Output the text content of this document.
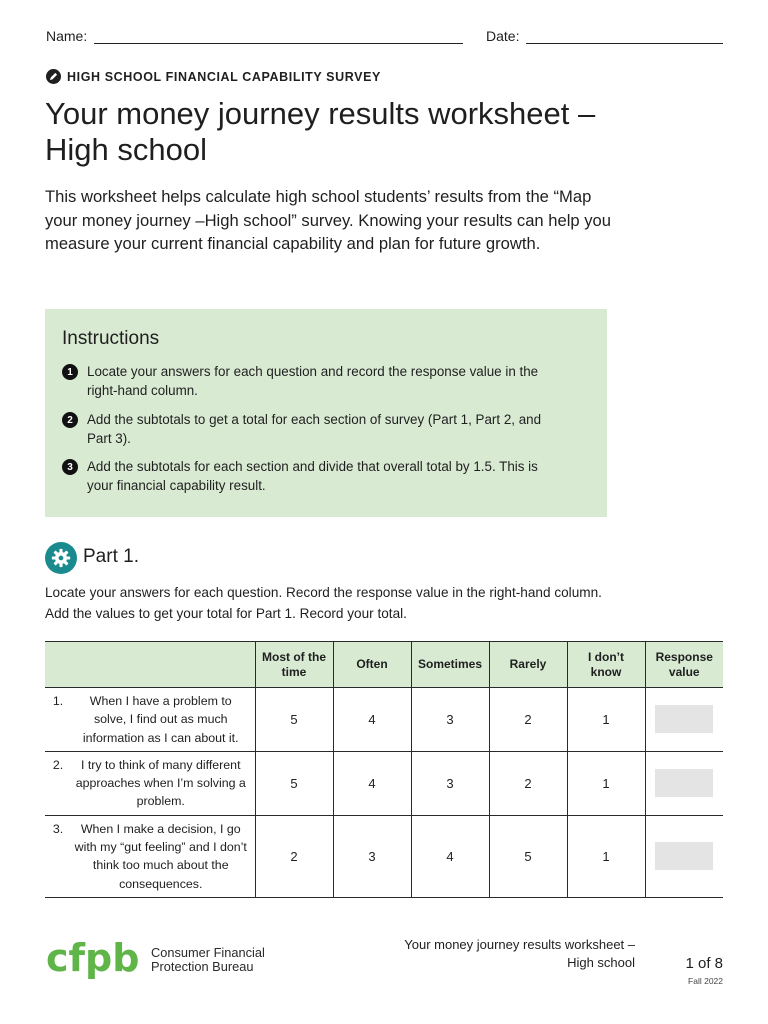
Name:	Date:
HIGH SCHOOL FINANCIAL CAPABILITY SURVEY
Your money journey results worksheet –
High school
This worksheet helps calculate high school students’ results from the “Map your money journey –High school” survey. Knowing your results can help you measure your current financial capability and plan for future growth.
Instructions
1	Locate your answers for each question and record the response value in the right-hand column.
2	Add the subtotals to get a total for each section of survey (Part 1, Part 2, and Part 3).
3	Add the subtotals for each section and divide that overall total by 1.5. This is your financial capability result.
Part 1.
Locate your answers for each question. Record the response value in the right-hand column. Add the values to get your total for Part 1. Record your total.
	Most of the time	Often	Sometimes	Rarely	I don’t know	Response value

1. When I have a problem to solve, I find out as much information as I can about it.	5	4	3	2	1	

2. I try to think of many different approaches when I’m solving a problem.	5	4	3	2	1	

3. When I make a decision, I go with my “gut feeling” and I don’t think too much about the consequences.	2	3	4	5	1	
cfpb Consumer Financial
Protection Bureau
Your money journey results worksheet –
High school	1 of 8
Fall 2022
